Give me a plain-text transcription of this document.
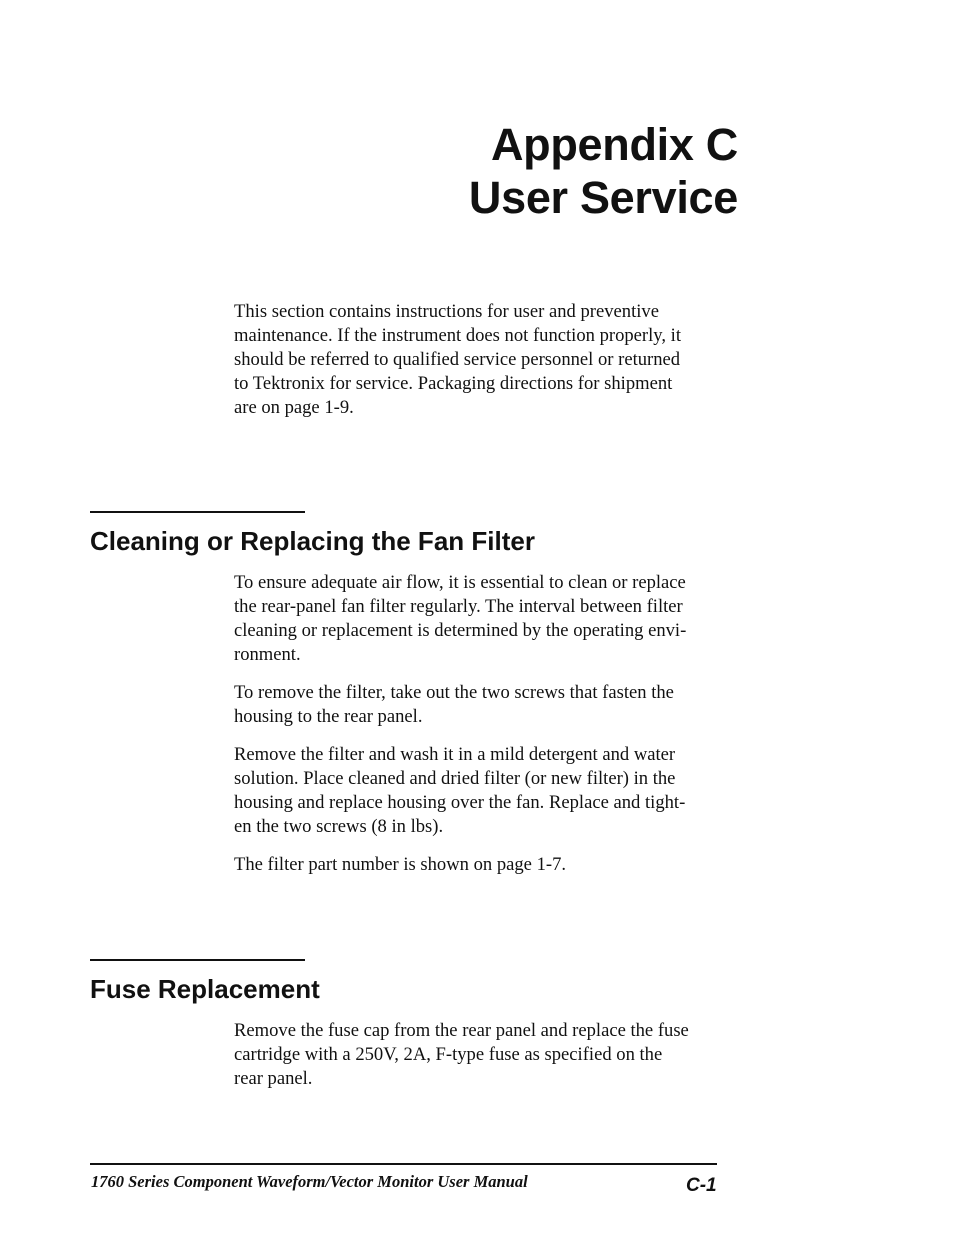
Appendix C
User Service

This section contains instructions for user and preventive
maintenance. If the instrument does not function properly, it
should be referred to qualified service personnel or returned
to Tektronix for service. Packaging directions for shipment
are on page 1-9.

Cleaning or Replacing the Fan Filter

To ensure adequate air flow, it is essential to clean or replace
the rear-panel fan filter regularly. The interval between filter
cleaning or replacement is determined by the operating envi-
ronment.

To remove the filter, take out the two screws that fasten the
housing to the rear panel.

Remove the filter and wash it in a mild detergent and water
solution. Place cleaned and dried filter (or new filter) in the
housing and replace housing over the fan. Replace and tight-
en the two screws (8 in lbs).

The filter part number is shown on page 1-7.

Fuse Replacement

Remove the fuse cap from the rear panel and replace the fuse
cartridge with a 250V, 2A, F-type fuse as specified on the
rear panel.

1760 Series Component Waveform/Vector Monitor User Manual	C-1
